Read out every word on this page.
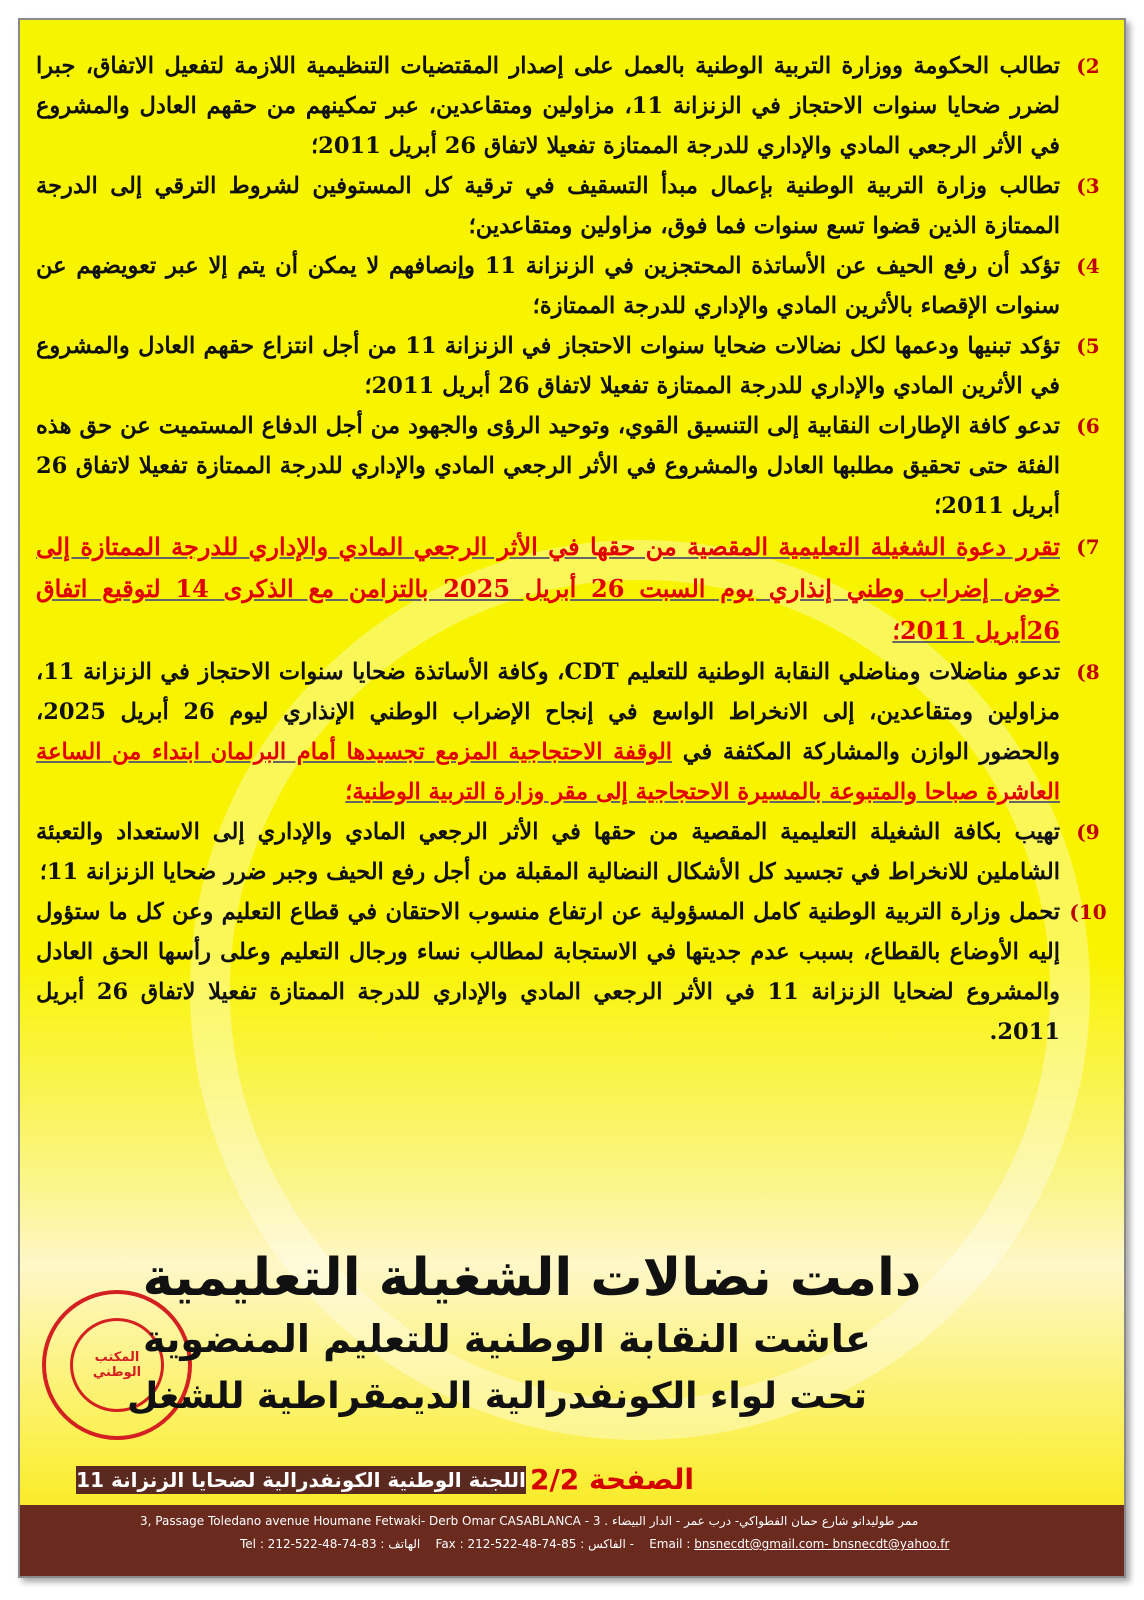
2)
تطالب الحكومة ووزارة التربية الوطنية بالعمل على إصدار المقتضيات التنظيمية اللازمة لتفعيل الاتفاق، جبرا لضرر ضحايا سنوات الاحتجاز في الزنزانة 11، مزاولين ومتقاعدين، عبر تمكينهم من حقهم العادل والمشروع في الأثر الرجعي المادي والإداري للدرجة الممتازة تفعيلا لاتفاق 26 أبريل 2011؛

3)
تطالب وزارة التربية الوطنية بإعمال مبدأ التسقيف في ترقية كل المستوفين لشروط الترقي إلى الدرجة الممتازة الذين قضوا تسع سنوات فما فوق، مزاولين ومتقاعدين؛

4)
تؤكد أن رفع الحيف عن الأساتذة المحتجزين في الزنزانة 11 وإنصافهم لا يمكن أن يتم إلا عبر تعويضهم عن سنوات الإقصاء بالأثرين المادي والإداري للدرجة الممتازة؛

5)
تؤكد تبنيها ودعمها لكل نضالات ضحايا سنوات الاحتجاز في الزنزانة 11 من أجل انتزاع حقهم العادل والمشروع في الأثرين المادي والإداري للدرجة الممتازة تفعيلا لاتفاق 26 أبريل 2011؛

6)
تدعو كافة الإطارات النقابية إلى التنسيق القوي، وتوحيد الرؤى والجهود من أجل الدفاع المستميت عن حق هذه الفئة حتى تحقيق مطلبها العادل والمشروع في الأثر الرجعي المادي والإداري للدرجة الممتازة تفعيلا لاتفاق 26 أبريل 2011؛

7)
تقرر دعوة الشغيلة التعليمية المقصية من حقها في الأثر الرجعي المادي والإداري للدرجة الممتازة إلى خوض إضراب وطني إنذاري يوم السبت 26 أبريل 2025 بالتزامن مع الذكرى 14 لتوقيع اتفاق 26أبريل 2011؛

8)
تدعو مناضلات ومناضلي النقابة الوطنية للتعليم CDT، وكافة الأساتذة ضحايا سنوات الاحتجاز في الزنزانة 11، مزاولين ومتقاعدين، إلى الانخراط الواسع في إنجاح الإضراب الوطني الإنذاري ليوم 26 أبريل 2025، والحضور الوازن والمشاركة المكثفة في الوقفة الاحتجاجية المزمع تجسيدها أمام البرلمان ابتداء من الساعة العاشرة صباحا والمتبوعة بالمسيرة الاحتجاجية إلى مقر وزارة التربية الوطنية؛

9)
تهيب بكافة الشغيلة التعليمية المقصية من حقها في الأثر الرجعي المادي والإداري إلى الاستعداد والتعبئة الشاملين للانخراط في تجسيد كل الأشكال النضالية المقبلة من أجل رفع الحيف وجبر ضرر ضحايا الزنزانة 11؛

10)
تحمل وزارة التربية الوطنية كامل المسؤولية عن ارتفاع منسوب الاحتقان في قطاع التعليم وعن كل ما ستؤول إليه الأوضاع بالقطاع، بسبب عدم جديتها في الاستجابة لمطالب نساء ورجال التعليم وعلى رأسها الحق العادل والمشروع لضحايا الزنزانة 11 في الأثر الرجعي المادي والإداري للدرجة الممتازة تفعيلا لاتفاق 26 أبريل 2011.

المكتب الوطني
دامت نضالات الشغيلة التعليمية
عاشت النقابة الوطنية للتعليم المنضوية
تحت لواء الكونفدرالية الديمقراطية للشغل
الصفحة 2/2
اللجنة الوطنية الكونفدرالية لضحايا الزنزانة 11
3, Passage Toledano avenue Houmane Fetwaki- Derb Omar CASABLANCA - 3 . ممر طوليدانو شارع حمان الفطواكي- درب عمر - الدار البيضاء
Tel : 212-522-48-74-83 : الهاتف Fax : 212-522-48-74-85 : الفاكس - Email : bnsnecdt@gmail.com- bnsnecdt@yahoo.fr
